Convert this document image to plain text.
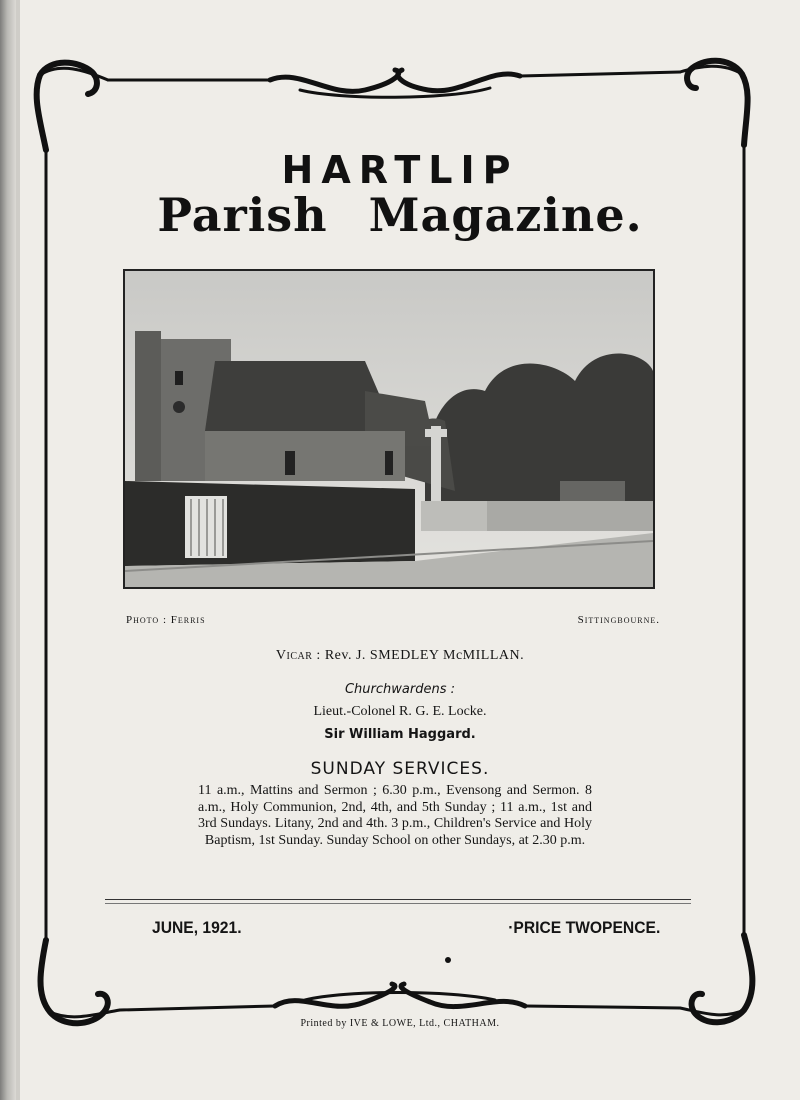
HARTLIP
Parish Magazine.
Photo : Ferris	Sittingbourne.
Vicar : Rev. J. SMEDLEY McMILLAN.
Churchwardens :
Lieut.-Colonel R. G. E. Locke.
Sir William Haggard.
SUNDAY SERVICES.
11 a.m., Mattins and Sermon ; 6.30 p.m., Evensong and Sermon. 8 a.m., Holy Communion, 2nd, 4th, and 5th Sunday ; 11 a.m., 1st and 3rd Sundays. Litany, 2nd and 4th. 3 p.m., Children's Service and Holy Baptism, 1st Sunday. Sunday School on other Sundays, at 2.30 p.m.
JUNE, 1921.	·PRICE TWOPENCE.
Printed by IVE & LOWE, Ltd., CHATHAM.
